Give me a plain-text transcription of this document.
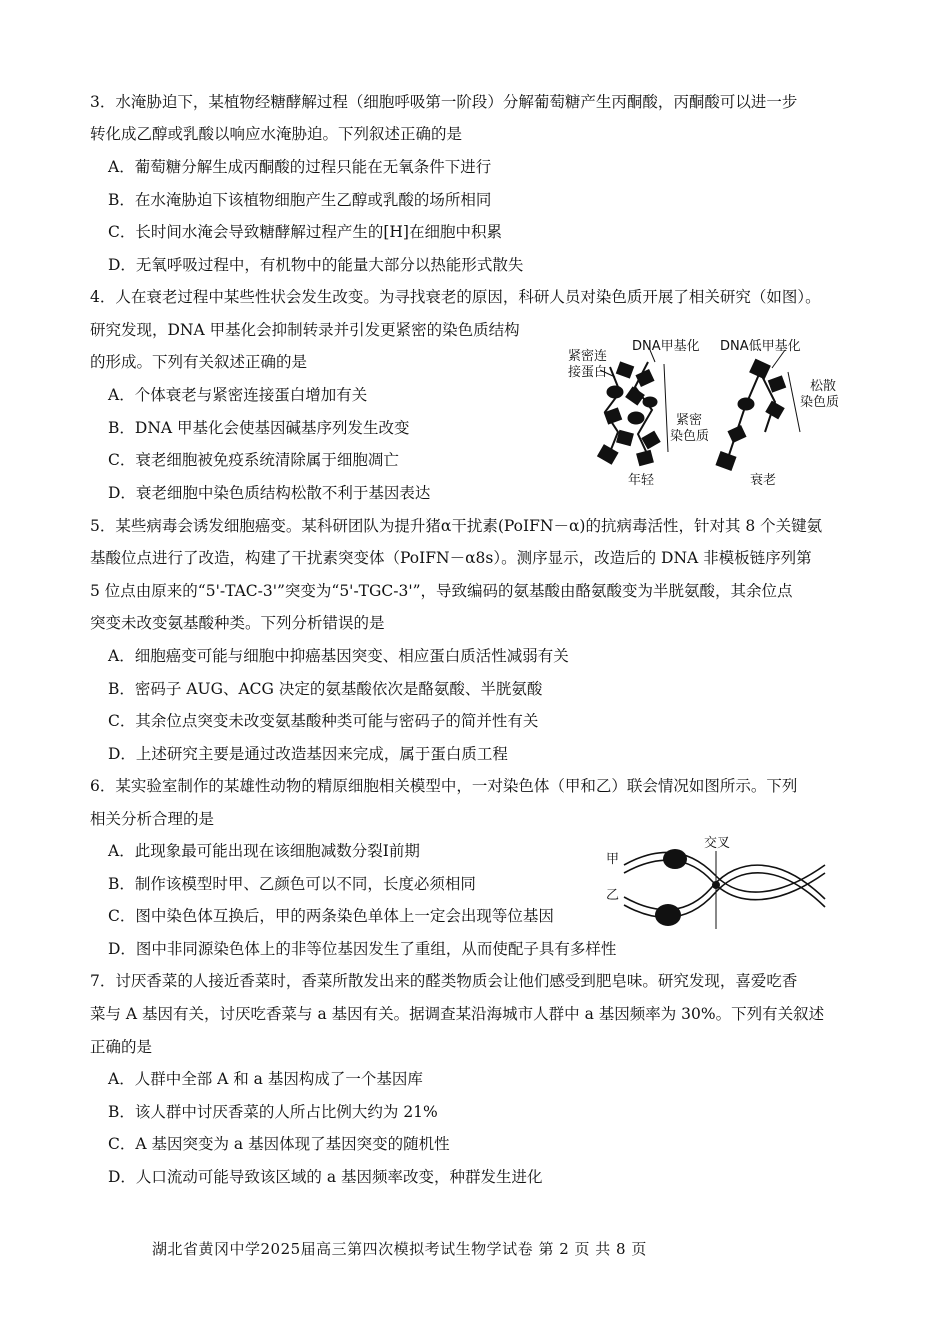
3．水淹胁迫下，某植物经糖酵解过程（细胞呼吸第一阶段）分解葡萄糖产生丙酮酸，丙酮酸可以进一步
转化成乙醇或乳酸以响应水淹胁迫。下列叙述正确的是
A．葡萄糖分解生成丙酮酸的过程只能在无氧条件下进行
B．在水淹胁迫下该植物细胞产生乙醇或乳酸的场所相同
C．长时间水淹会导致糖酵解过程产生的[H]在细胞中积累
D．无氧呼吸过程中，有机物中的能量大部分以热能形式散失
4．人在衰老过程中某些性状会发生改变。为寻找衰老的原因，科研人员对染色质开展了相关研究（如图）。
研究发现，DNA 甲基化会抑制转录并引发更紧密的染色质结构
的形成。下列有关叙述正确的是
A．个体衰老与紧密连接蛋白增加有关
B．DNA 甲基化会使基因碱基序列发生改变
C．衰老细胞被免疫系统清除属于细胞凋亡
D．衰老细胞中染色质结构松散不利于基因表达
紧密连
接蛋白
DNA甲基化 DNA低甲基化
紧密
染色质
松散
染色质
年轻	衰老
5．某些病毒会诱发细胞癌变。某科研团队为提升猪α干扰素(PoIFN－α)的抗病毒活性，针对其 8 个关键氨
基酸位点进行了改造，构建了干扰素突变体（PoIFN－α8s）。测序显示，改造后的 DNA 非模板链序列第
5 位点由原来的“5'-TAC-3'”突变为“5'-TGC-3'”，导致编码的氨基酸由酪氨酸变为半胱氨酸，其余位点
突变未改变氨基酸种类。下列分析错误的是
A．细胞癌变可能与细胞中抑癌基因突变、相应蛋白质活性减弱有关
B．密码子 AUG、ACG 决定的氨基酸依次是酪氨酸、半胱氨酸
C．其余位点突变未改变氨基酸种类可能与密码子的简并性有关
D．上述研究主要是通过改造基因来完成，属于蛋白质工程
6．某实验室制作的某雄性动物的精原细胞相关模型中，一对染色体（甲和乙）联会情况如图所示。下列
相关分析合理的是
A．此现象最可能出现在该细胞减数分裂Ⅰ前期
B．制作该模型时甲、乙颜色可以不同，长度必须相同
C．图中染色体互换后，甲的两条染色单体上一定会出现等位基因
D．图中非同源染色体上的非等位基因发生了重组，从而使配子具有多样性
交叉
甲
乙
7．讨厌香菜的人接近香菜时，香菜所散发出来的醛类物质会让他们感受到肥皂味。研究发现，喜爱吃香
菜与 A 基因有关，讨厌吃香菜与 a 基因有关。据调查某沿海城市人群中 a 基因频率为 30%。下列有关叙述
正确的是
A．人群中全部 A 和 a 基因构成了一个基因库
B．该人群中讨厌香菜的人所占比例大约为 21%
C．A 基因突变为 a 基因体现了基因突变的随机性
D．人口流动可能导致该区域的 a 基因频率改变，种群发生进化
湖北省黄冈中学2025届高三第四次模拟考试生物学试卷 第 2 页 共 8 页
